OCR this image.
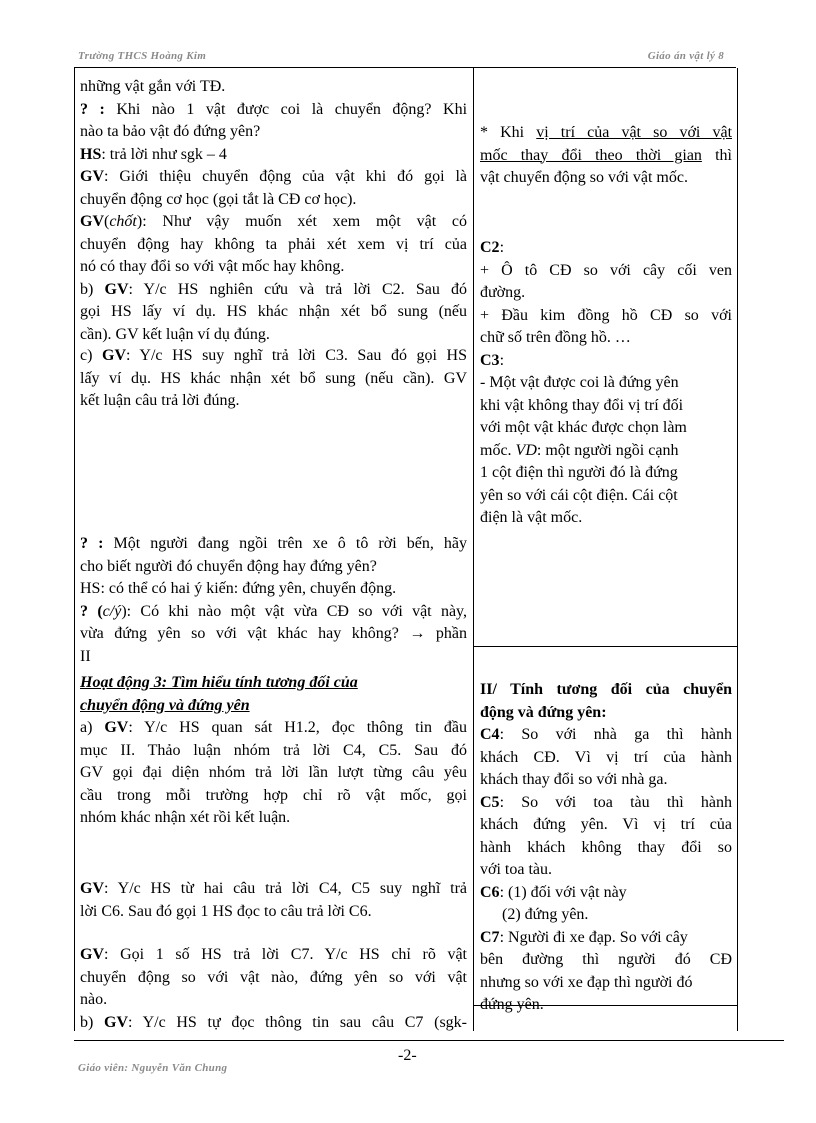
Trường THCS Hoàng Kim	Giáo án vật lý 8
những vật gắn với TĐ.
? : Khi nào 1 vật được coi là chuyển động? Khi
nào ta bảo vật đó đứng yên?
HS: trả lời như sgk – 4
GV: Giới thiệu chuyển động của vật khi đó gọi là
chuyển động cơ học (gọi tắt là CĐ cơ học).
GV(chốt): Như vậy muốn xét xem một vật có
chuyển động hay không ta phải xét xem vị trí của
nó có thay đổi so với vật mốc hay không.
b) GV: Y/c HS nghiên cứu và trả lời C2. Sau đó
gọi HS lấy ví dụ. HS khác nhận xét bổ sung (nếu
cần). GV kết luận ví dụ đúng.
c) GV: Y/c HS suy nghĩ trả lời C3. Sau đó gọi HS
lấy ví dụ. HS khác nhận xét bổ sung (nếu cần). GV
kết luận câu trả lời đúng.
? : Một người đang ngồi trên xe ô tô rời bến, hãy
cho biết người đó chuyển động hay đứng yên?
HS: có thể có hai ý kiến: đứng yên, chuyển động.
? (c/ý): Có khi nào một vật vừa CĐ so với vật này,
vừa đứng yên so với vật khác hay không? → phần
II
Hoạt động 3: Tìm hiểu tính tương đối của
chuyển động và đứng yên
a) GV: Y/c HS quan sát H1.2, đọc thông tin đầu
mục II. Thảo luận nhóm trả lời C4, C5. Sau đó
GV gọi đại diện nhóm trả lời lần lượt từng câu yêu
cầu trong mỗi trường hợp chỉ rõ vật mốc, gọi
nhóm khác nhận xét rồi kết luận.
GV: Y/c HS từ hai câu trả lời C4, C5 suy nghĩ trả
lời C6. Sau đó gọi 1 HS đọc to câu trả lời C6.
GV: Gọi 1 số HS trả lời C7. Y/c HS chỉ rõ vật
chuyển động so với vật nào, đứng yên so với vật
nào.
b) GV: Y/c HS tự đọc thông tin sau câu C7 (sgk-
* Khi vị trí của vật so với vật
mốc thay đổi theo thời gian thì
vật chuyển động so với vật mốc.
C2:
+ Ô tô CĐ so với cây cối ven
đường.
+ Đầu kim đồng hồ CĐ so với
chữ số trên đồng hồ. …
C3:
- Một vật được coi là đứng yên
khi vật không thay đổi vị trí đối
với một vật khác được chọn làm
mốc. VD: một người ngồi cạnh
1 cột điện thì người đó là đứng
yên so với cái cột điện. Cái cột
điện là vật mốc.
II/ Tính tương đối của chuyển
động và đứng yên:
C4: So với nhà ga thì hành
khách CĐ. Vì vị trí của hành
khách thay đổi so với nhà ga.
C5: So với toa tàu thì hành
khách đứng yên. Vì vị trí của
hành khách không thay đổi so
với toa tàu.
C6: (1) đối với vật này
(2) đứng yên.
C7: Người đi xe đạp. So với cây
bên đường thì người đó CĐ
nhưng so với xe đạp thì người đó
đứng yên.
-2-
Giáo viên: Nguyễn Văn Chung
